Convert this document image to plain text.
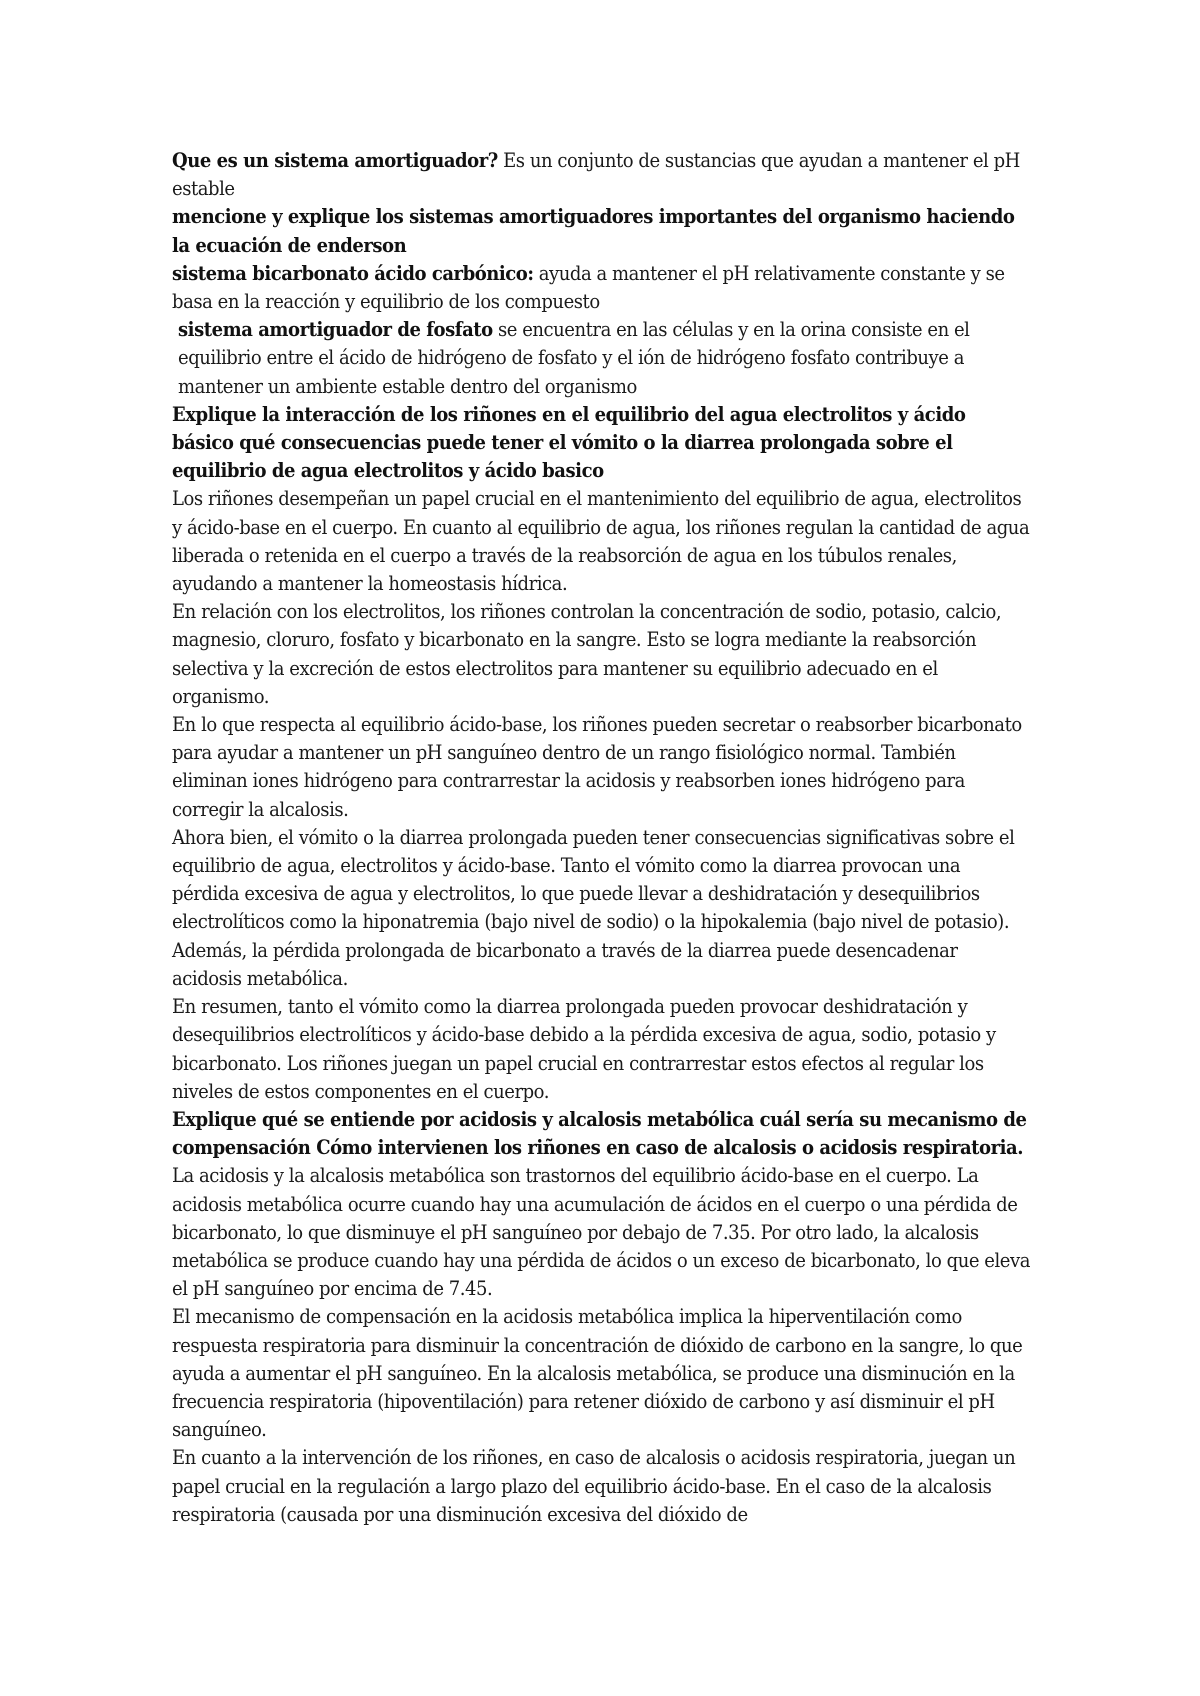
Que es un sistema amortiguador? Es un conjunto de sustancias que ayudan a mantener el pH estable

mencione y explique los sistemas amortiguadores importantes del organismo haciendo la ecuación de enderson

sistema bicarbonato ácido carbónico: ayuda a mantener el pH relativamente constante y se basa en la reacción y equilibrio de los compuesto

sistema amortiguador de fosfato se encuentra en las células y en la orina consiste en el equilibrio entre el ácido de hidrógeno de fosfato y el ión de hidrógeno fosfato contribuye a mantener un ambiente estable dentro del organismo

Explique la interacción de los riñones en el equilibrio del agua electrolitos y ácido básico qué consecuencias puede tener el vómito o la diarrea prolongada sobre el equilibrio de agua electrolitos y ácido basico

Los riñones desempeñan un papel crucial en el mantenimiento del equilibrio de agua, electrolitos y ácido-base en el cuerpo. En cuanto al equilibrio de agua, los riñones regulan la cantidad de agua liberada o retenida en el cuerpo a través de la reabsorción de agua en los túbulos renales, ayudando a mantener la homeostasis hídrica.

En relación con los electrolitos, los riñones controlan la concentración de sodio, potasio, calcio, magnesio, cloruro, fosfato y bicarbonato en la sangre. Esto se logra mediante la reabsorción selectiva y la excreción de estos electrolitos para mantener su equilibrio adecuado en el organismo.

En lo que respecta al equilibrio ácido-base, los riñones pueden secretar o reabsorber bicarbonato para ayudar a mantener un pH sanguíneo dentro de un rango fisiológico normal. También eliminan iones hidrógeno para contrarrestar la acidosis y reabsorben iones hidrógeno para corregir la alcalosis.

Ahora bien, el vómito o la diarrea prolongada pueden tener consecuencias significativas sobre el equilibrio de agua, electrolitos y ácido-base. Tanto el vómito como la diarrea provocan una pérdida excesiva de agua y electrolitos, lo que puede llevar a deshidratación y desequilibrios electrolíticos como la hiponatremia (bajo nivel de sodio) o la hipokalemia (bajo nivel de potasio). Además, la pérdida prolongada de bicarbonato a través de la diarrea puede desencadenar acidosis metabólica.

En resumen, tanto el vómito como la diarrea prolongada pueden provocar deshidratación y desequilibrios electrolíticos y ácido-base debido a la pérdida excesiva de agua, sodio, potasio y bicarbonato. Los riñones juegan un papel crucial en contrarrestar estos efectos al regular los niveles de estos componentes en el cuerpo.

Explique qué se entiende por acidosis y alcalosis metabólica cuál sería su mecanismo de compensación Cómo intervienen los riñones en caso de alcalosis o acidosis respiratoria.

La acidosis y la alcalosis metabólica son trastornos del equilibrio ácido-base en el cuerpo. La acidosis metabólica ocurre cuando hay una acumulación de ácidos en el cuerpo o una pérdida de bicarbonato, lo que disminuye el pH sanguíneo por debajo de 7.35. Por otro lado, la alcalosis metabólica se produce cuando hay una pérdida de ácidos o un exceso de bicarbonato, lo que eleva el pH sanguíneo por encima de 7.45.

El mecanismo de compensación en la acidosis metabólica implica la hiperventilación como respuesta respiratoria para disminuir la concentración de dióxido de carbono en la sangre, lo que ayuda a aumentar el pH sanguíneo. En la alcalosis metabólica, se produce una disminución en la frecuencia respiratoria (hipoventilación) para retener dióxido de carbono y así disminuir el pH sanguíneo.

En cuanto a la intervención de los riñones, en caso de alcalosis o acidosis respiratoria, juegan un papel crucial en la regulación a largo plazo del equilibrio ácido-base. En el caso de la alcalosis respiratoria (causada por una disminución excesiva del dióxido de
